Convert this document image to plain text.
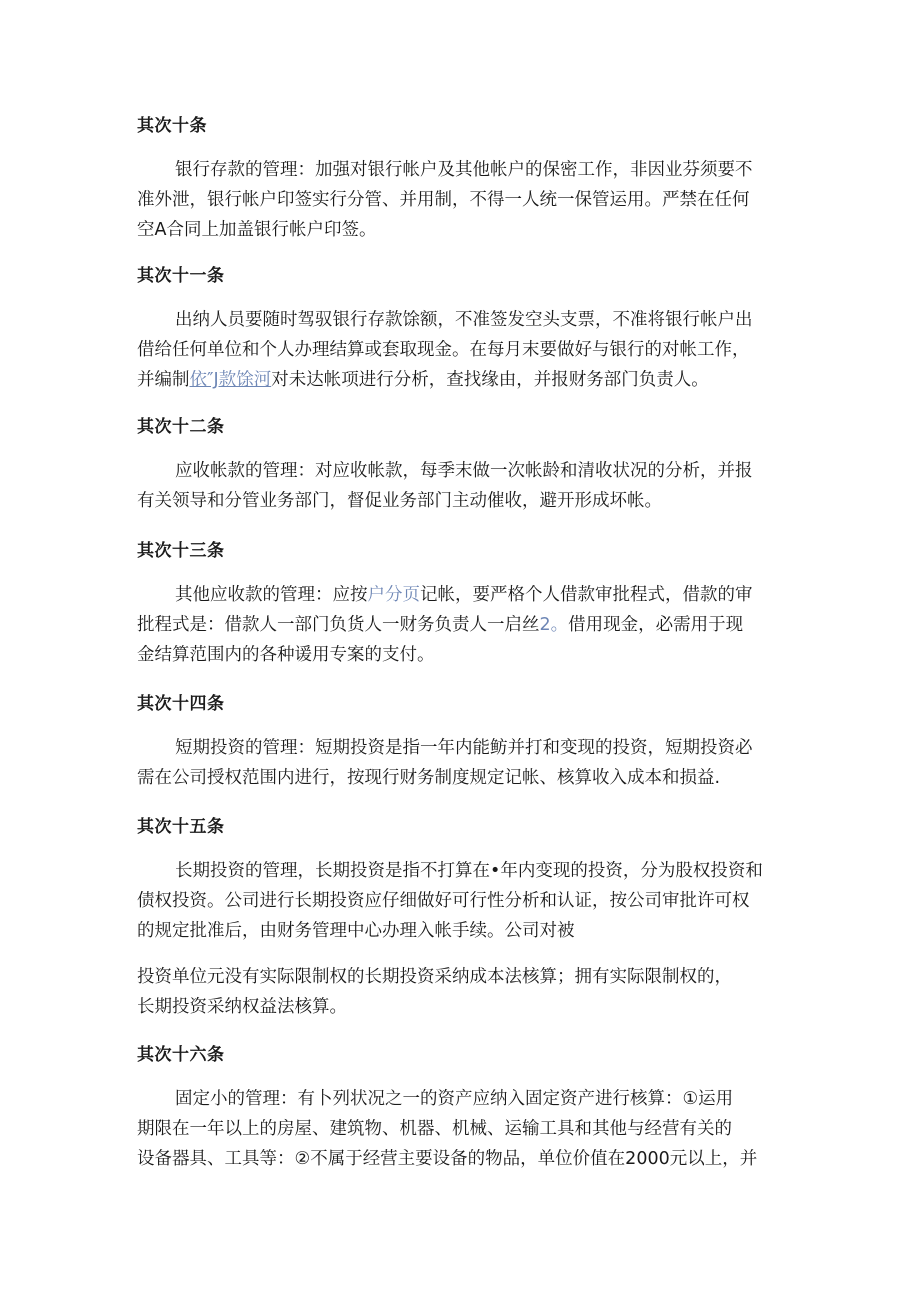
其次十条
银行存款的管理：加强对银行帐户及其他帐户的保密工作，非因业芬须要不
准外泄，银行帐户印签实行分管、并用制，不得一人统一保管运用。严禁在任何
空A合同上加盖银行帐户印签。
其次十一条
出纳人员要随时驾驭银行存款馀额，不准签发空头支票，不准将银行帐户出
借给任何单位和个人办理结算或套取现金。在每月末要做好与银行的对帐工作，
并编制依″J款馀河对未达帐项进行分析，查找缘由，并报财务部门负责人。
其次十二条
应收帐款的管理：对应收帐款，每季末做一次帐龄和清收状况的分析，并报
有关领导和分管业务部门，督促业务部门主动催收，避开形成坏帐。
其次十三条
其他应收款的管理：应按户分页记帐，要严格个人借款审批程式，借款的审
批程式是：借款人一部门负货人一财务负责人一启丝2。借用现金，必需用于现
金结算范围内的各种谖用专案的支付。
其次十四条
短期投资的管理：短期投资是指一年内能鲂并打和变现的投资，短期投资必
需在公司授权范围内进行，按现行财务制度规定记帐、核算收入成本和损益.
其次十五条
长期投资的管理，长期投资是指不打算在•年内变现的投资，分为股权投资和
债权投资。公司进行长期投资应仔细做好可行性分析和认证，按公司审批许可权
的规定批准后，由财务管理中心办理入帐手续。公司对被
投资单位元没有实际限制权的长期投资采纳成本法核算；拥有实际限制权的，
长期投资采纳权益法核算。
其次十六条
固定小的管理：有卜列状况之一的资产应纳入固定资产进行核算：①运用
期限在一年以上的房屋、建筑物、机器、机械、运输工具和其他与经营有关的
设备器具、工具等：②不属于经营主要设备的物品，单位价值在2000元以上，并
